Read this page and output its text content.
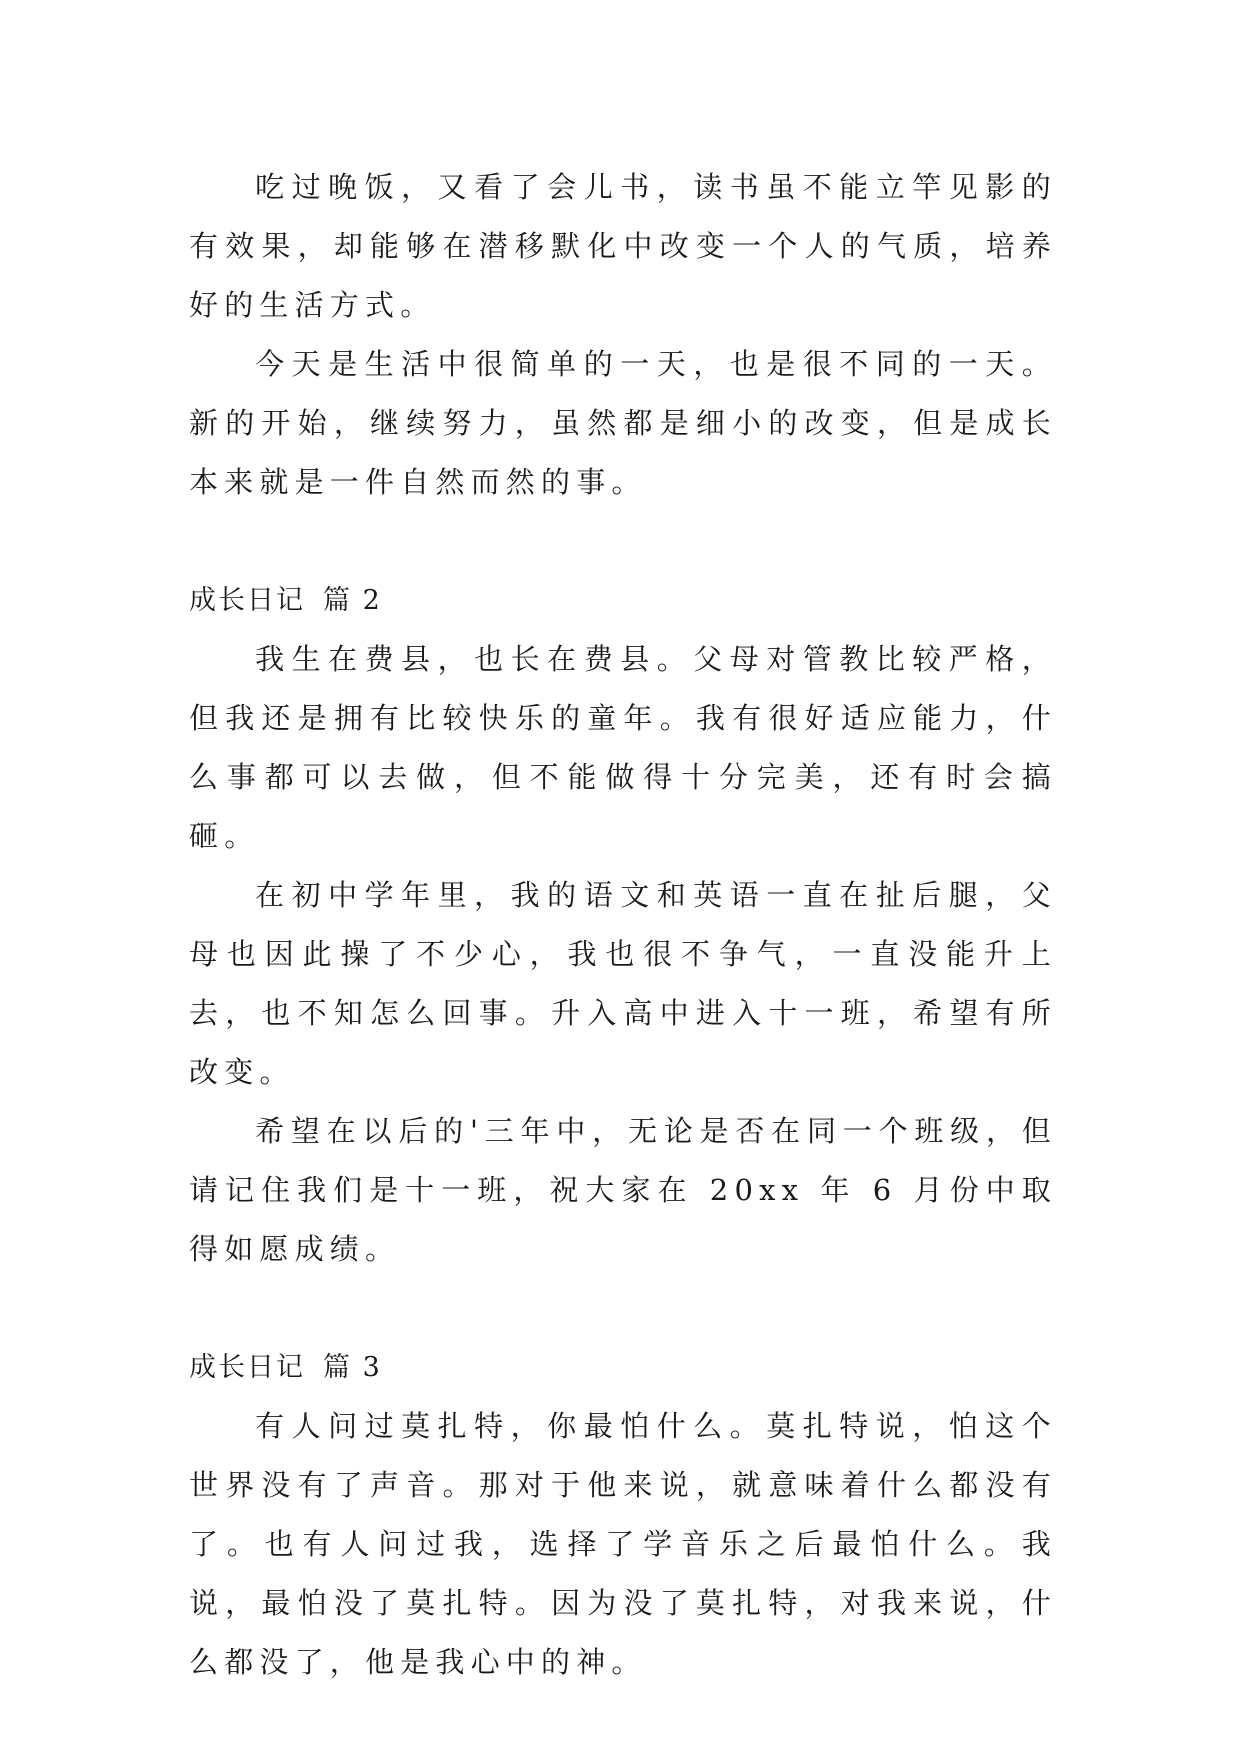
吃过晚饭，又看了会儿书，读书虽不能立竿见影的有效果，却能够在潜移默化中改变一个人的气质，培养好的生活方式。

今天是生活中很简单的一天，也是很不同的一天。新的开始，继续努力，虽然都是细小的改变，但是成长本来就是一件自然而然的事。

成长日记 篇 2

我生在费县，也长在费县。父母对管教比较严格，但我还是拥有比较快乐的童年。我有很好适应能力，什么事都可以去做，但不能做得十分完美，还有时会搞砸。

在初中学年里，我的语文和英语一直在扯后腿，父母也因此操了不少心，我也很不争气，一直没能升上去，也不知怎么回事。升入高中进入十一班，希望有所改变。

希望在以后的'三年中，无论是否在同一个班级，但请记住我们是十一班，祝大家在 20xx 年 6 月份中取得如愿成绩。

成长日记 篇 3

有人问过莫扎特，你最怕什么。莫扎特说，怕这个世界没有了声音。那对于他来说，就意味着什么都没有了。也有人问过我，选择了学音乐之后最怕什么。我说，最怕没了莫扎特。因为没了莫扎特，对我来说，什么都没了，他是我心中的神。
